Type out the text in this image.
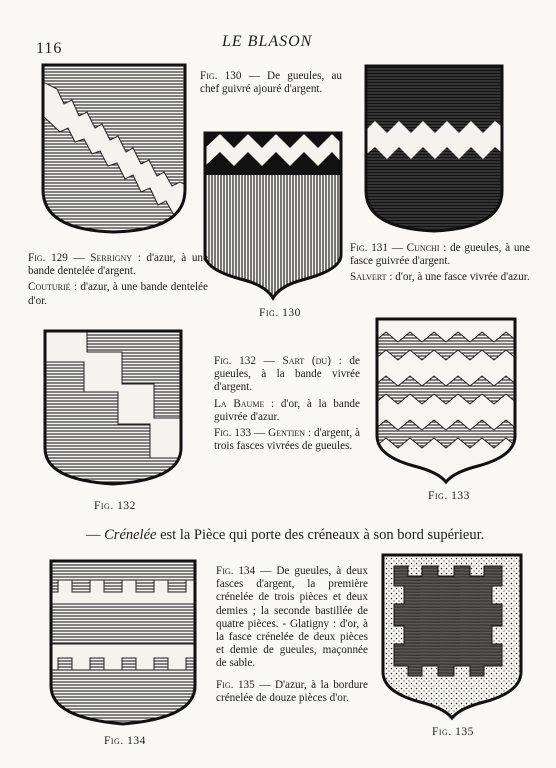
116	LE BLASON
Fig. 130 — De gueules, au chef guivré ajouré d'argent.
Fig. 130
Fig. 129 — Serrigny : d'azur, à une bande dentelée d'argent.
Couturié : d'azur, à une bande dentelée d'or.
Fig. 131 — Cunchi : de gueules, à une fasce guivrée d'argent.
Salvert : d'or, à une fasce vivrée d'azur.
Fig. 132
Fig. 132 — Sart (du) : de gueules, à la bande vivrée d'argent.
La Baume : d'or, à la bande guivrée d'azur.
Fig. 133 — Gentien : d'argent, à trois fasces vivrées de gueules.
Fig. 133
— Crénelée est la Pièce qui porte des créneaux à son bord supérieur.
Fig. 134
Fig. 134 — De gueules, à deux fasces d'argent, la première crénelée de trois pièces et deux demies ; la seconde bastillée de quatre pièces. - Glatigny : d'or, à la fasce crénelée de deux pièces et demie de gueules, maçonnée de sable.
Fig. 135 — D'azur, à la bordure crénelée de douze pièces d'or.
Fig. 135
